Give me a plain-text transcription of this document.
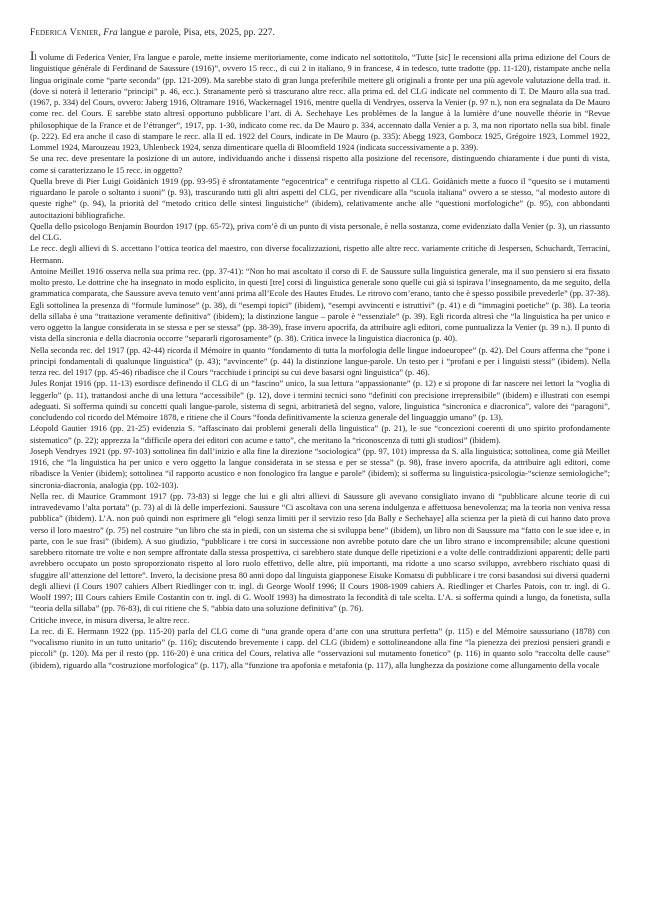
Federica Venier, Fra langue e parole, Pisa, ets, 2025, pp. 227.

Il volume di Federica Venier, Fra langue e parole, mette insieme meritoriamente, come indicato nel sottotitolo, “Tutte [sic] le recensioni alla prima edizione del Cours de linguistique générale di Ferdinand de Saussure (1916)”, ovvero 15 recc., di cui 2 in italiano, 9 in francese, 4 in tedesco, tutte tradotte (pp. 11-120), ristampate anche nella lingua originale come “parte seconda” (pp. 121-209). Ma sarebbe stato di gran lunga preferibile mettere gli originali a fronte per una più agevole valutazione della trad. it. (dove si noterà il letterario “principi” p. 46, ecc.). Stranamente però si trascurano altre recc. alla prima ed. del CLG indicate nel commento di T. De Mauro alla sua trad. (1967, p. 334) del Cours, ovvero: Jaberg 1916, Oltramare 1916, Wackernagel 1916, mentre quella di Vendryes, osserva la Venier (p. 97 n.), non era segnalata da De Mauro come rec. del Cours. E sarebbe stato altresì opportuno pubblicare l’art. di A. Sechehaye Les problèmes de la langue à la lumière d’une nouvelle théorie in “Revue philosophique de la France et de l’étranger”, 1917, pp. 1-30, indicato come rec. da De Mauro p. 334, accennato dalla Venier a p. 3, ma non riportato nella sua bibl. finale (p. 222). Ed era anche il caso di stampare le recc. alla II ed. 1922 del Cours, indicate in De Mauro (p. 335): Abegg 1923, Gombocz 1925, Grégoire 1923, Lommel 1922, Lommel 1924, Marouzeau 1923, Uhlenbeck 1924, senza dimenticare quella di Bloomfield 1924 (indicata successivamente a p. 339).

Se una rec. deve presentare la posizione di un autore, individuando anche i dissensi rispetto alla posizione del recensore, distinguendo chiaramente i due punti di vista, come si caratterizzano le 15 recc. in oggetto?

Quella breve di Pier Luigi Goidànich 1919 (pp. 93-95) è sfrontatamente “egocentrica” e centrifuga rispetto al CLG. Goidànich mette a fuoco il “quesito se i mutamenti riguardano le parole o soltanto i suoni” (p. 93), trascurando tutti gli altri aspetti del CLG, per rivendicare alla “scuola italiana” ovvero a se stesso, “al modesto autore di queste righe” (p. 94), la priorità del “metodo critico delle sintesi linguistiche” (ibidem), relativamente anche alle “questioni morfologiche” (p. 95), con abbondanti autocitazioni bibliografiche.

Quella dello psicologo Benjamin Bourdon 1917 (pp. 65-72), priva com’è di un punto di vista personale, è nella sostanza, come evidenziato dalla Venier (p. 3), un riassunto del CLG.

Le recc. degli allievi di S. accettano l’ottica teorica del maestro, con diverse focalizzazioni, rispetto alle altre recc. variamente critiche di Jespersen, Schuchardt, Terracini, Hermann.

Antoine Meillet 1916 osserva nella sua prima rec. (pp. 37-41): “Non ho mai ascoltato il corso di F. de Saussure sulla linguistica generale, ma il suo pensiero si era fissato molto presto. Le dottrine che ha insegnato in modo esplicito, in questi [tre] corsi di linguistica generale sono quelle cui già si ispirava l’insegnamento, da me seguito, della grammatica comparata, che Saussure aveva tenuto vent’anni prima all’Ecole des Hautes Etudes. Le ritrovo com’erano, tanto che è spesso possibile prevederle” (pp. 37-38). Egli sottolinea la presenza di “formule luminose” (p. 38), di “esempi topici” (ibidem), “esempi avvincenti e istruttivi” (p. 41) e di “immagini poetiche” (p. 38). La teoria della sillaba è una “trattazione veramente definitiva” (ibidem); la distinzione langue – parole è “essenziale” (p. 39). Egli ricorda altresì che “la linguistica ha per unico e vero oggetto la langue considerata in se stessa e per se stessa” (pp. 38-39), frase invero apocrifa, da attribuire agli editori, come puntualizza la Venier (p. 39 n.). Il punto di vista della sincronia e della diacronia occorre “separarli rigorosamente” (p. 38). Critica invece la linguistica diacronica (p. 40).

Nella seconda rec. del 1917 (pp. 42-44) ricorda il Mémoire in quanto “fondamento di tutta la morfologia delle lingue indoeuropee” (p. 42). Del Cours afferma che “pone i principi fondamentali di qualunque linguistica” (p. 43); “avvincente” (p. 44) la distinzione langue-parole. Un testo per i “profani e per i linguisti stessi” (ibidem). Nella terza rec. del 1917 (pp. 45-46) ribadisce che il Cours “racchiude i principi su cui deve basarsi ogni linguistica” (p. 46).

Jules Ronjat 1916 (pp. 11-13) esordisce definendo il CLG di un “fascino” unico, la sua lettura “appassionante” (p. 12) e si propone di far nascere nei lettori la “voglia di leggerlo” (p. 11), trattandosi anche di una lettura “accessibile” (p. 12), dove i termini tecnici sono “definiti con precisione irreprensibile” (ibidem) e illustrati con esempi adeguati. Si sofferma quindi su concetti quali langue-parole, sistema di segni, arbitrarietà del segno, valore, linguistica “sincronica e diacronica”, valore dei “paragoni”, concludendo col ricordo del Mémoire 1878, e ritiene che il Cours “fonda definitivamente la scienza generale del linguaggio umano” (p. 13).

Léopold Gautier 1916 (pp. 21-25) evidenzia S. “affascinato dai problemi generali della linguistica” (p. 21), le sue “concezioni coerenti di uno spirito profondamente sistematico” (p. 22); apprezza la “difficile opera dei editori con acume e tatto”, che meritano la “riconoscenza di tutti gli studiosi” (ibidem).

Joseph Vendryes 1921 (pp. 97-103) sottolinea fin dall’inizio e alla fine la direzione “sociologica” (pp. 97, 101) impressa da S. alla linguistica; sottolinea, come già Meillet 1916, che “la linguistica ha per unico e vero oggetto la langue considerata in se stessa e per se stessa” (p. 98), frase invero apocrifa, da attribuire agli editori, come ribadisce la Venier (ibidem); sottolinea “il rapporto acustico e non fonologico fra langue e parole” (ibidem); si sofferma su linguistica-psicologia-“scienze semiologiche”; sincronia-diacronia, analogia (pp. 102-103).

Nella rec. di Maurice Grammont 1917 (pp. 73-83) si legge che lui e gli altri allievi di Saussure gli avevano consigliato invano di “pubblicare alcune teorie di cui intravedevamo l’alta portata” (p. 73) al di là delle imperfezioni. Saussure “Ci ascoltava con una serena indulgenza e affettuosa benevolenza; ma la teoria non veniva ressa pubblica” (ibidem). L’A. non può quindi non esprimere gli “elogi senza limiti per il servizio reso [da Bally e Sechehaye] alla scienza per la pietà di cui hanno dato prova verso il loro maestro” (p. 75) nel costruire “un libro che sta in piedi, con un sistema che si sviluppa bene” (ibidem), un libro non di Saussure ma “fatto con le sue idee e, in parte, con le sue frasi” (ibidem). A suo giudizio, “pubblicare i tre corsi in successione non avrebbe potuto dare che un libro strano e incomprensibile; alcune questioni sarebbero ritornate tre volte e non sempre affrontate dalla stessa prospettiva, ci sarebbero state dunque delle ripetizioni e a volte delle contraddizioni apparenti; delle parti avrebbero occupato un posto sproporzionato rispetto al loro ruolo effettivo, delle altre, più importanti, ma ridotte a uno scarso sviluppo, avrebbero rischiato quasi di sfuggire all’attenzione del lettore”. Invero, la decisione presa 80 anni dopo dal linguista giapponese Eisuke Komatsu di pubblicare i tre corsi basandosi sui diversi quaderni degli allievi (I Cours 1907 cahiers Albert Riedlinger con tr. ingl. di George Woolf 1996; II Cours 1908-1909 cahiers A. Riedlinger et Charles Patois, con tr. ingl. di G. Woolf 1997; III Cours cahiers Emile Costantin con tr. ingl. di G. Woolf 1993) ha dimostrato la fecondità di tale scelta. L’A. si sofferma quindi a lungo, da fonetista, sulla “teoria della sillaba” (pp. 76-83), di cui ritiene che S. “abbia dato una soluzione definitiva” (p. 76).

Critiche invece, in misura diversa, le altre recc.

La rec. di E. Hermann 1922 (pp. 115-20) parla del CLG come di “una grande opera d’arte con una struttura perfetta” (p. 115) e del Mémoire saussuriano (1878) con “vocalismo riunito in un tutto unitario” (p. 116); discutendo brevemente i capp. del CLG (ibidem) e sottolineandone alla fine “la pienezza dei preziosi pensieri grandi e piccoli” (p. 120). Ma per il resto (pp. 116-20) è una critica del Cours, relativa alle “osservazioni sul mutamento fonetico” (p. 116) in quanto solo “raccolta delle cause” (ibidem), riguardo alla “costruzione morfologica” (p. 117), alla “funzione tra apofonia e metafonia (p. 117), alla lunghezza da posizione come allungamento della vocale
